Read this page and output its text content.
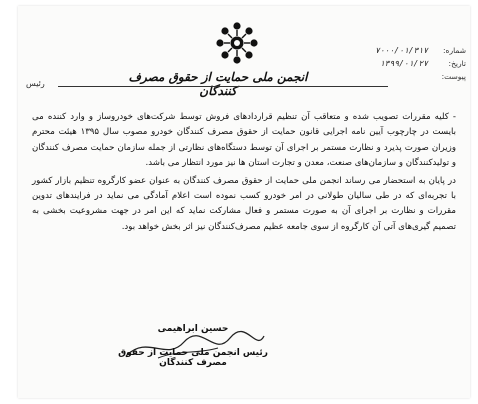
انجمن ملی حمایت از حقوق مصرف کنندگان
شماره:
۷۰۰۰/۰۱/۳۱۷
تاریخ:
۱۳۹۹/۰۱/۲۷
پیوست:
رئیس

- کلیه مقررات تصویب شده و متعاقب آن تنظیم قراردادهای فروش توسط شرکت‌های خودروساز و وارد کننده می بایست در چارچوب آیین نامه اجرایی قانون حمایت از حقوق مصرف کنندگان خودرو مصوب سال ۱۳۹۵ هیئت محترم وزیران صورت پذیرد و نظارت مستمر بر اجرای آن توسط دستگاه‌های نظارتی از جمله سازمان حمایت مصرف کنندگان و تولیدکنندگان و سازمان‌های صنعت، معدن و تجارت استان ها نیز مورد انتظار می باشد.

در پایان به استحضار می رساند انجمن ملی حمایت از حقوق مصرف کنندگان به عنوان عضو کارگروه تنظیم بازار کشور با تجربه‌ای که در طی سالیان طولانی در امر خودرو کسب نموده است اعلام آمادگی می نماید در فرایندهای تدوین مقررات و نظارت بر اجرای آن به صورت مستمر و فعال مشارکت نماید که این امر در جهت مشروعیت بخشی به تصمیم گیری‌های آتی آن کارگروه از سوی جامعه عظیم مصرف‌کنندگان نیز اثر بخش خواهد بود.

حسین ابراهیمی
رئیس انجمن ملی حمایت از حقوق مصرف کنندگان
